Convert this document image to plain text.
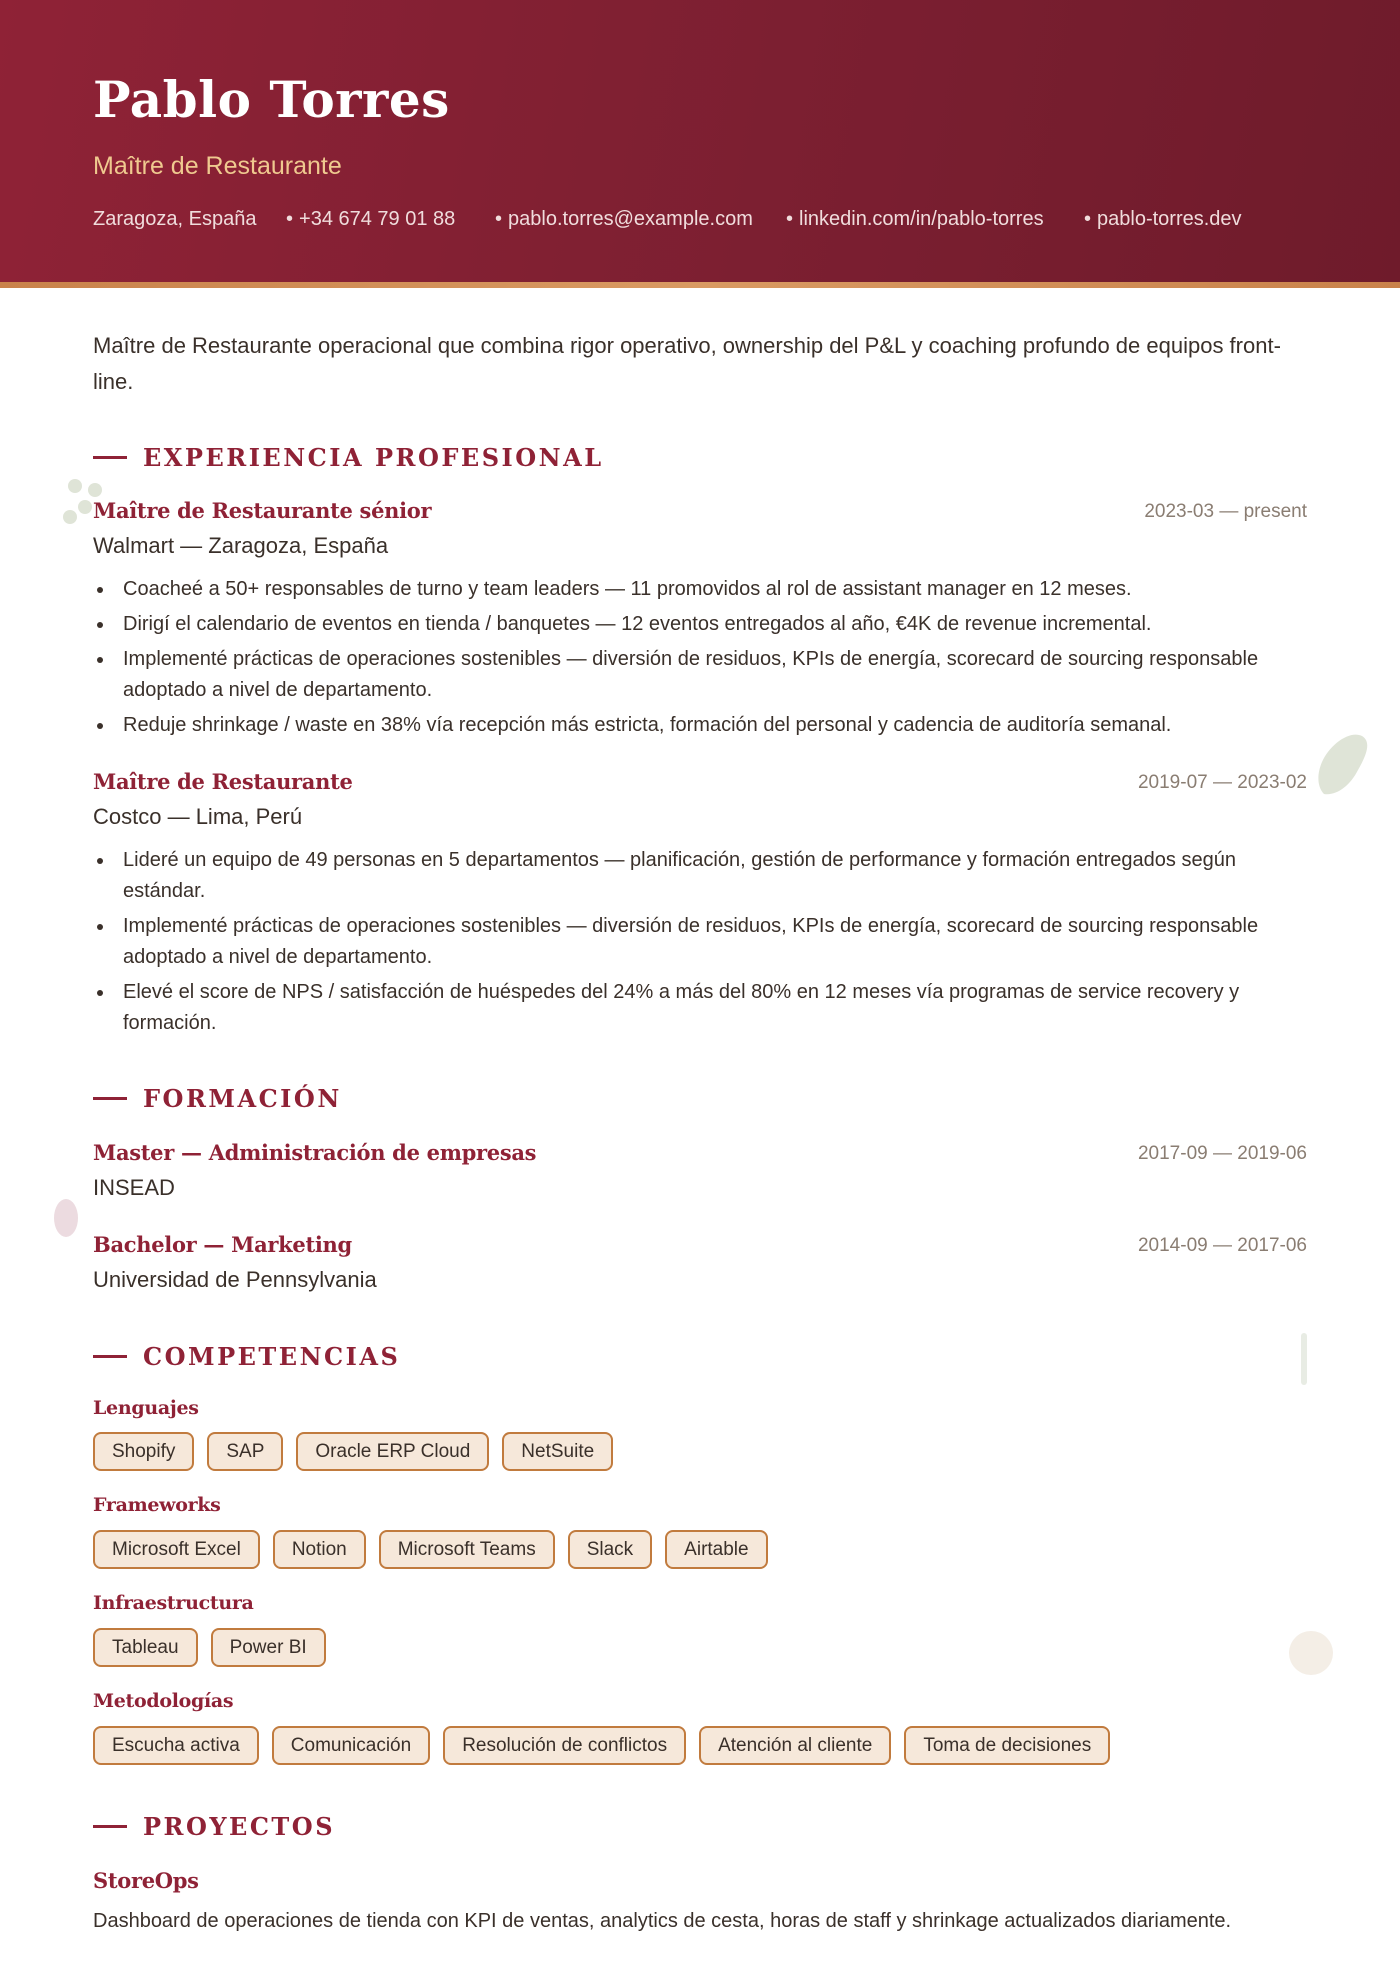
Pablo Torres
Maître de Restaurante
Zaragoza, España • +34 674 79 01 88 • pablo.torres@example.com • linkedin.com/in/pablo-torres • pablo-torres.dev

Maître de Restaurante operacional que combina rigor operativo, ownership del P&L y coaching profundo de equipos front-line.

EXPERIENCIA PROFESIONAL
Maître de Restaurante sénior	2023-03 — present
Walmart — Zaragoza, España
Coacheé a 50+ responsables de turno y team leaders — 11 promovidos al rol de assistant manager en 12 meses.
Dirigí el calendario de eventos en tienda / banquetes — 12 eventos entregados al año, €4K de revenue incremental.
Implementé prácticas de operaciones sostenibles — diversión de residuos, KPIs de energía, scorecard de sourcing responsable adoptado a nivel de departamento.
Reduje shrinkage / waste en 38% vía recepción más estricta, formación del personal y cadencia de auditoría semanal.
Maître de Restaurante	2019-07 — 2023-02
Costco — Lima, Perú
Lideré un equipo de 49 personas en 5 departamentos — planificación, gestión de performance y formación entregados según estándar.
Implementé prácticas de operaciones sostenibles — diversión de residuos, KPIs de energía, scorecard de sourcing responsable adoptado a nivel de departamento.
Elevé el score de NPS / satisfacción de huéspedes del 24% a más del 80% en 12 meses vía programas de service recovery y formación.
FORMACIÓN
Master — Administración de empresas	2017-09 — 2019-06
INSEAD
Bachelor — Marketing	2014-09 — 2017-06
Universidad de Pennsylvania
COMPETENCIAS
Lenguajes
Shopify	SAP	Oracle ERP Cloud	NetSuite
Frameworks
Microsoft Excel	Notion	Microsoft Teams	Slack	Airtable
Infraestructura
Tableau	Power BI
Metodologías
Escucha activa	Comunicación	Resolución de conflictos	Atención al cliente	Toma de decisiones
PROYECTOS
StoreOps
Dashboard de operaciones de tienda con KPI de ventas, analytics de cesta, horas de staff y shrinkage actualizados diariamente.
